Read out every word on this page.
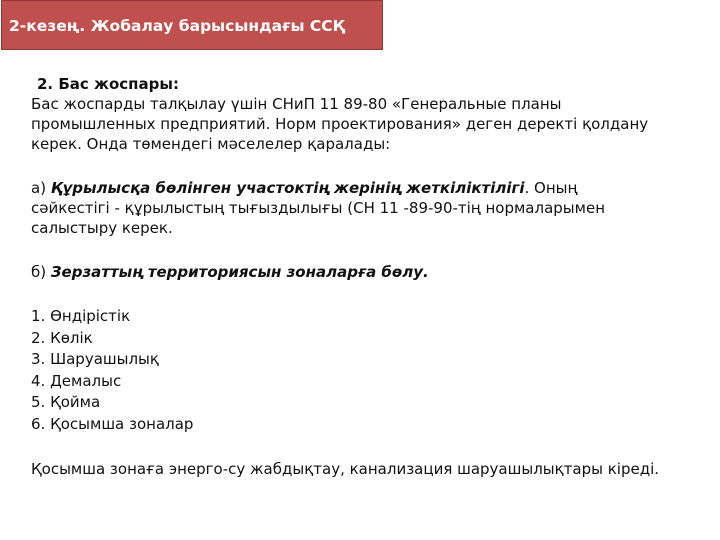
2-кезең. Жобалау барысындағы ССҚ

2. Бас жоспары:

Бас жоспарды талқылау үшін СНиП 11 89-80 «Генеральные планы
промышленных предприятий. Норм проектирования» деген деректі қолдану
керек. Онда төмендегі мәселелер қаралады:
а) Құрылысқа бөлінген участоктің жерінің жеткіліктілігі. Оның
сәйкестігі - құрылыстың тығыздылығы (СН 11 -89-90-тің нормаларымен
салыстыру керек.
б) Зерзаттың территориясын зоналарға бөлу.
1. Өндірістік
2. Көлік
3. Шаруашылық
4. Демалыс
5. Қойма
6. Қосымша зоналар

Қосымша зонаға энерго-су жабдықтау, канализация шаруашылықтары кіреді.
